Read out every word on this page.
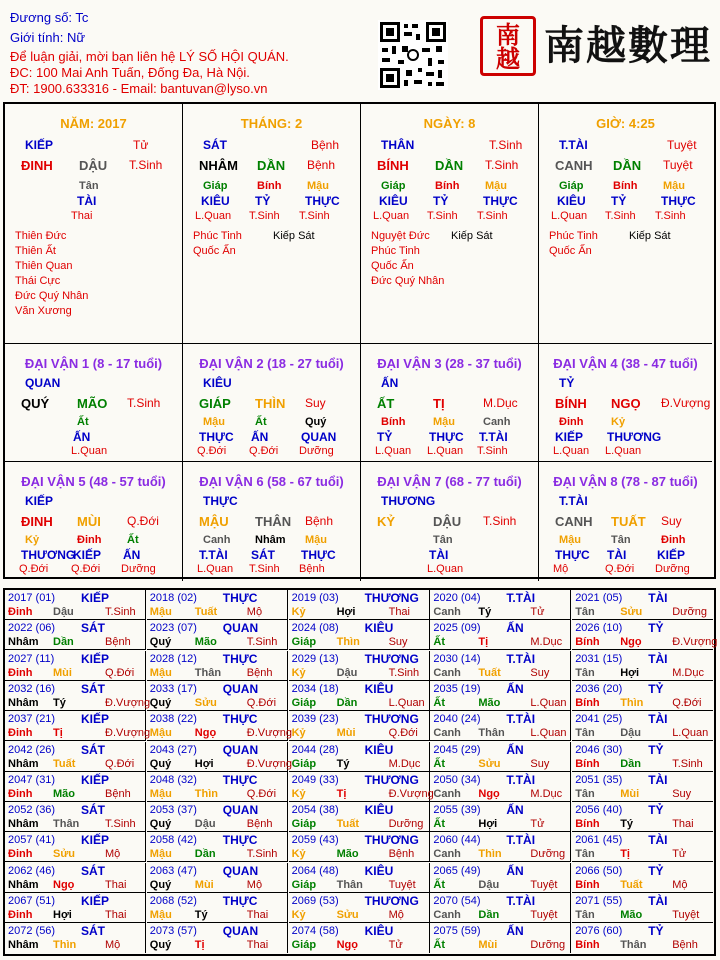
Đương số: Tc
Giới tính: Nữ
Để luận giải, mời bạn liên hệ LÝ SỐ HỘI QUÁN.
ĐC: 100 Mai Anh Tuấn, Đống Đa, Hà Nội.
ĐT: 1900.633316 - Email: bantuvan@lyso.vn
南
越 南越數理
NĂM: 2017
KIẾP	Tử
ĐINH DẬU T.Sinh
Tân
TÀI
Thai
Thiên Đức
Thiên Ất
Thiên Quan
Thái Cực
Đức Quý Nhân
Văn Xương
THÁNG: 2
SÁT	Bệnh
NHÂM DẦN Bệnh
Giáp
KIÊU
L.Quan
Bính
TỶ
T.Sinh
Mậu
THỰC
T.Sinh
Phúc Tinh
Quốc Ấn
Kiếp Sát
NGÀY: 8
THÂN	T.Sinh
BÍNH DẦN T.Sinh
Giáp
KIÊU
L.Quan
Bính
TỶ
T.Sinh
Mậu
THỰC
T.Sinh
Nguyệt Đức
Phúc Tinh
Quốc Ấn
Đức Quý Nhân
Kiếp Sát
GIỜ: 4:25
T.TÀI	Tuyệt
CANH DẦN Tuyệt
Giáp
KIÊU
L.Quan
Bính
TỶ
T.Sinh
Mậu
THỰC
T.Sinh
Phúc Tinh
Quốc Ấn
Kiếp Sát
ĐẠI VẬN 1 (8 - 17 tuổi)
QUAN
QUÝ MÃO T.Sinh
Ất
ẤN
L.Quan
ĐẠI VẬN 2 (18 - 27 tuổi)
KIÊU
GIÁP THÌN Suy
Mậu
THỰC
Q.Đới
Ất
ẤN
Q.Đới
Quý
QUAN
Dưỡng
ĐẠI VẬN 3 (28 - 37 tuổi)
ẤN
ẤT	TỊ	M.Dục
Bính
TỶ
L.Quan
Mậu
THỰC
L.Quan
Canh
T.TÀI
T.Sinh
ĐẠI VẬN 4 (38 - 47 tuổi)
TỶ
BÍNH NGỌ Đ.Vượng
Đinh
KIẾP
L.Quan
Kỷ
THƯƠNG
L.Quan
ĐẠI VẬN 5 (48 - 57 tuổi)
KIẾP
ĐINH MÙI Q.Đới
Kỷ
THƯƠNG
Q.Đới
Đinh
KIẾP
Q.Đới
Ất
ẤN
Dưỡng
ĐẠI VẬN 6 (58 - 67 tuổi)
THỰC
MẬU THÂN Bệnh
Canh
T.TÀI
L.Quan
Nhâm
SÁT
T.Sinh
Mậu
THỰC
Bệnh
ĐẠI VẬN 7 (68 - 77 tuổi)
THƯƠNG
KỶ	DẬU T.Sinh
Tân
TÀI
L.Quan
ĐẠI VẬN 8 (78 - 87 tuổi)
T.TÀI
CANH TUẤT Suy
Mậu
THỰC
Mộ
Tân
TÀI
Q.Đới
Đinh
KIẾP
Dưỡng
2017 (01) KIẾP
Đinh Dậu	T.Sinh
2018 (02) THỰC
Mậu Tuất	Mộ
2019 (03) THƯƠNG
Kỷ	Hợi	Thai
2020 (04) T.TÀI
Canh Tý	Tử
2021 (05) TÀI
Tân Sửu	Dưỡng
2022 (06) SÁT
Nhâm Dần	Bệnh
2023 (07) QUAN
Quý Mão	T.Sinh
2024 (08) KIÊU
Giáp Thìn	Suy
2025 (09) ẤN
Ất	Tị	M.Dục
2026 (10) TỶ
Bính Ngọ	Đ.Vượng
2027 (11) KIẾP
Đinh Mùi	Q.Đới
2028 (12) THỰC
Mậu Thân Bệnh
2029 (13) THƯƠNG
Kỷ	Dậu	T.Sinh
2030 (14) T.TÀI
Canh Tuất	Suy
2031 (15) TÀI
Tân Hợi	M.Dục
2032 (16) SÁT
Nhâm Tý	Đ.Vượng
2033 (17) QUAN
Quý Sửu	Q.Đới
2034 (18) KIÊU
Giáp Dần	L.Quan
2035 (19) ẤN
Ất	Mão	L.Quan
2036 (20) TỶ
Bính Thìn	Q.Đới
2037 (21) KIẾP
Đinh Tị	Đ.Vượng
2038 (22) THỰC
Mậu Ngọ	Đ.Vượng
2039 (23) THƯƠNG
Kỷ	Mùi	Q.Đới
2040 (24) T.TÀI
Canh Thân L.Quan
2041 (25) TÀI
Tân Dậu	L.Quan
2042 (26) SÁT
Nhâm Tuất	Q.Đới
2043 (27) QUAN
Quý Hợi	Đ.Vượng
2044 (28) KIÊU
Giáp Tý	M.Dục
2045 (29) ẤN
Ất	Sửu	Suy
2046 (30) TỶ
Bính Dần	T.Sinh
2047 (31) KIẾP
Đinh Mão	Bệnh
2048 (32) THỰC
Mậu Thìn	Q.Đới
2049 (33) THƯƠNG
Kỷ	Tị	Đ.Vượng
2050 (34) T.TÀI
Canh Ngọ	M.Dục
2051 (35) TÀI
Tân Mùi	Suy
2052 (36) SÁT
Nhâm Thân T.Sinh
2053 (37) QUAN
Quý Dậu	Bệnh
2054 (38) KIÊU
Giáp Tuất	Dưỡng
2055 (39) ẤN
Ất	Hợi	Tử
2056 (40) TỶ
Bính Tý	Thai
2057 (41) KIẾP
Đinh Sửu	Mộ
2058 (42) THỰC
Mậu Dần	T.Sinh
2059 (43) THƯƠNG
Kỷ	Mão	Bệnh
2060 (44) T.TÀI
Canh Thìn	Dưỡng
2061 (45) TÀI
Tân Tị	Tử
2062 (46) SÁT
Nhâm Ngọ	Thai
2063 (47) QUAN
Quý Mùi	Mộ
2064 (48) KIÊU
Giáp Thân Tuyệt
2065 (49) ẤN
Ất	Dậu	Tuyệt
2066 (50) TỶ
Bính Tuất	Mộ
2067 (51) KIẾP
Đinh Hợi	Thai
2068 (52) THỰC
Mậu Tý	Thai
2069 (53) THƯƠNG
Kỷ	Sửu	Mộ
2070 (54) T.TÀI
Canh Dần	Tuyệt
2071 (55) TÀI
Tân Mão	Tuyệt
2072 (56) SÁT
Nhâm Thìn	Mộ
2073 (57) QUAN
Quý Tị	Thai
2074 (58) KIÊU
Giáp Ngọ	Tử
2075 (59) ẤN
Ất	Mùi	Dưỡng
2076 (60) TỶ
Bính Thân Bệnh
